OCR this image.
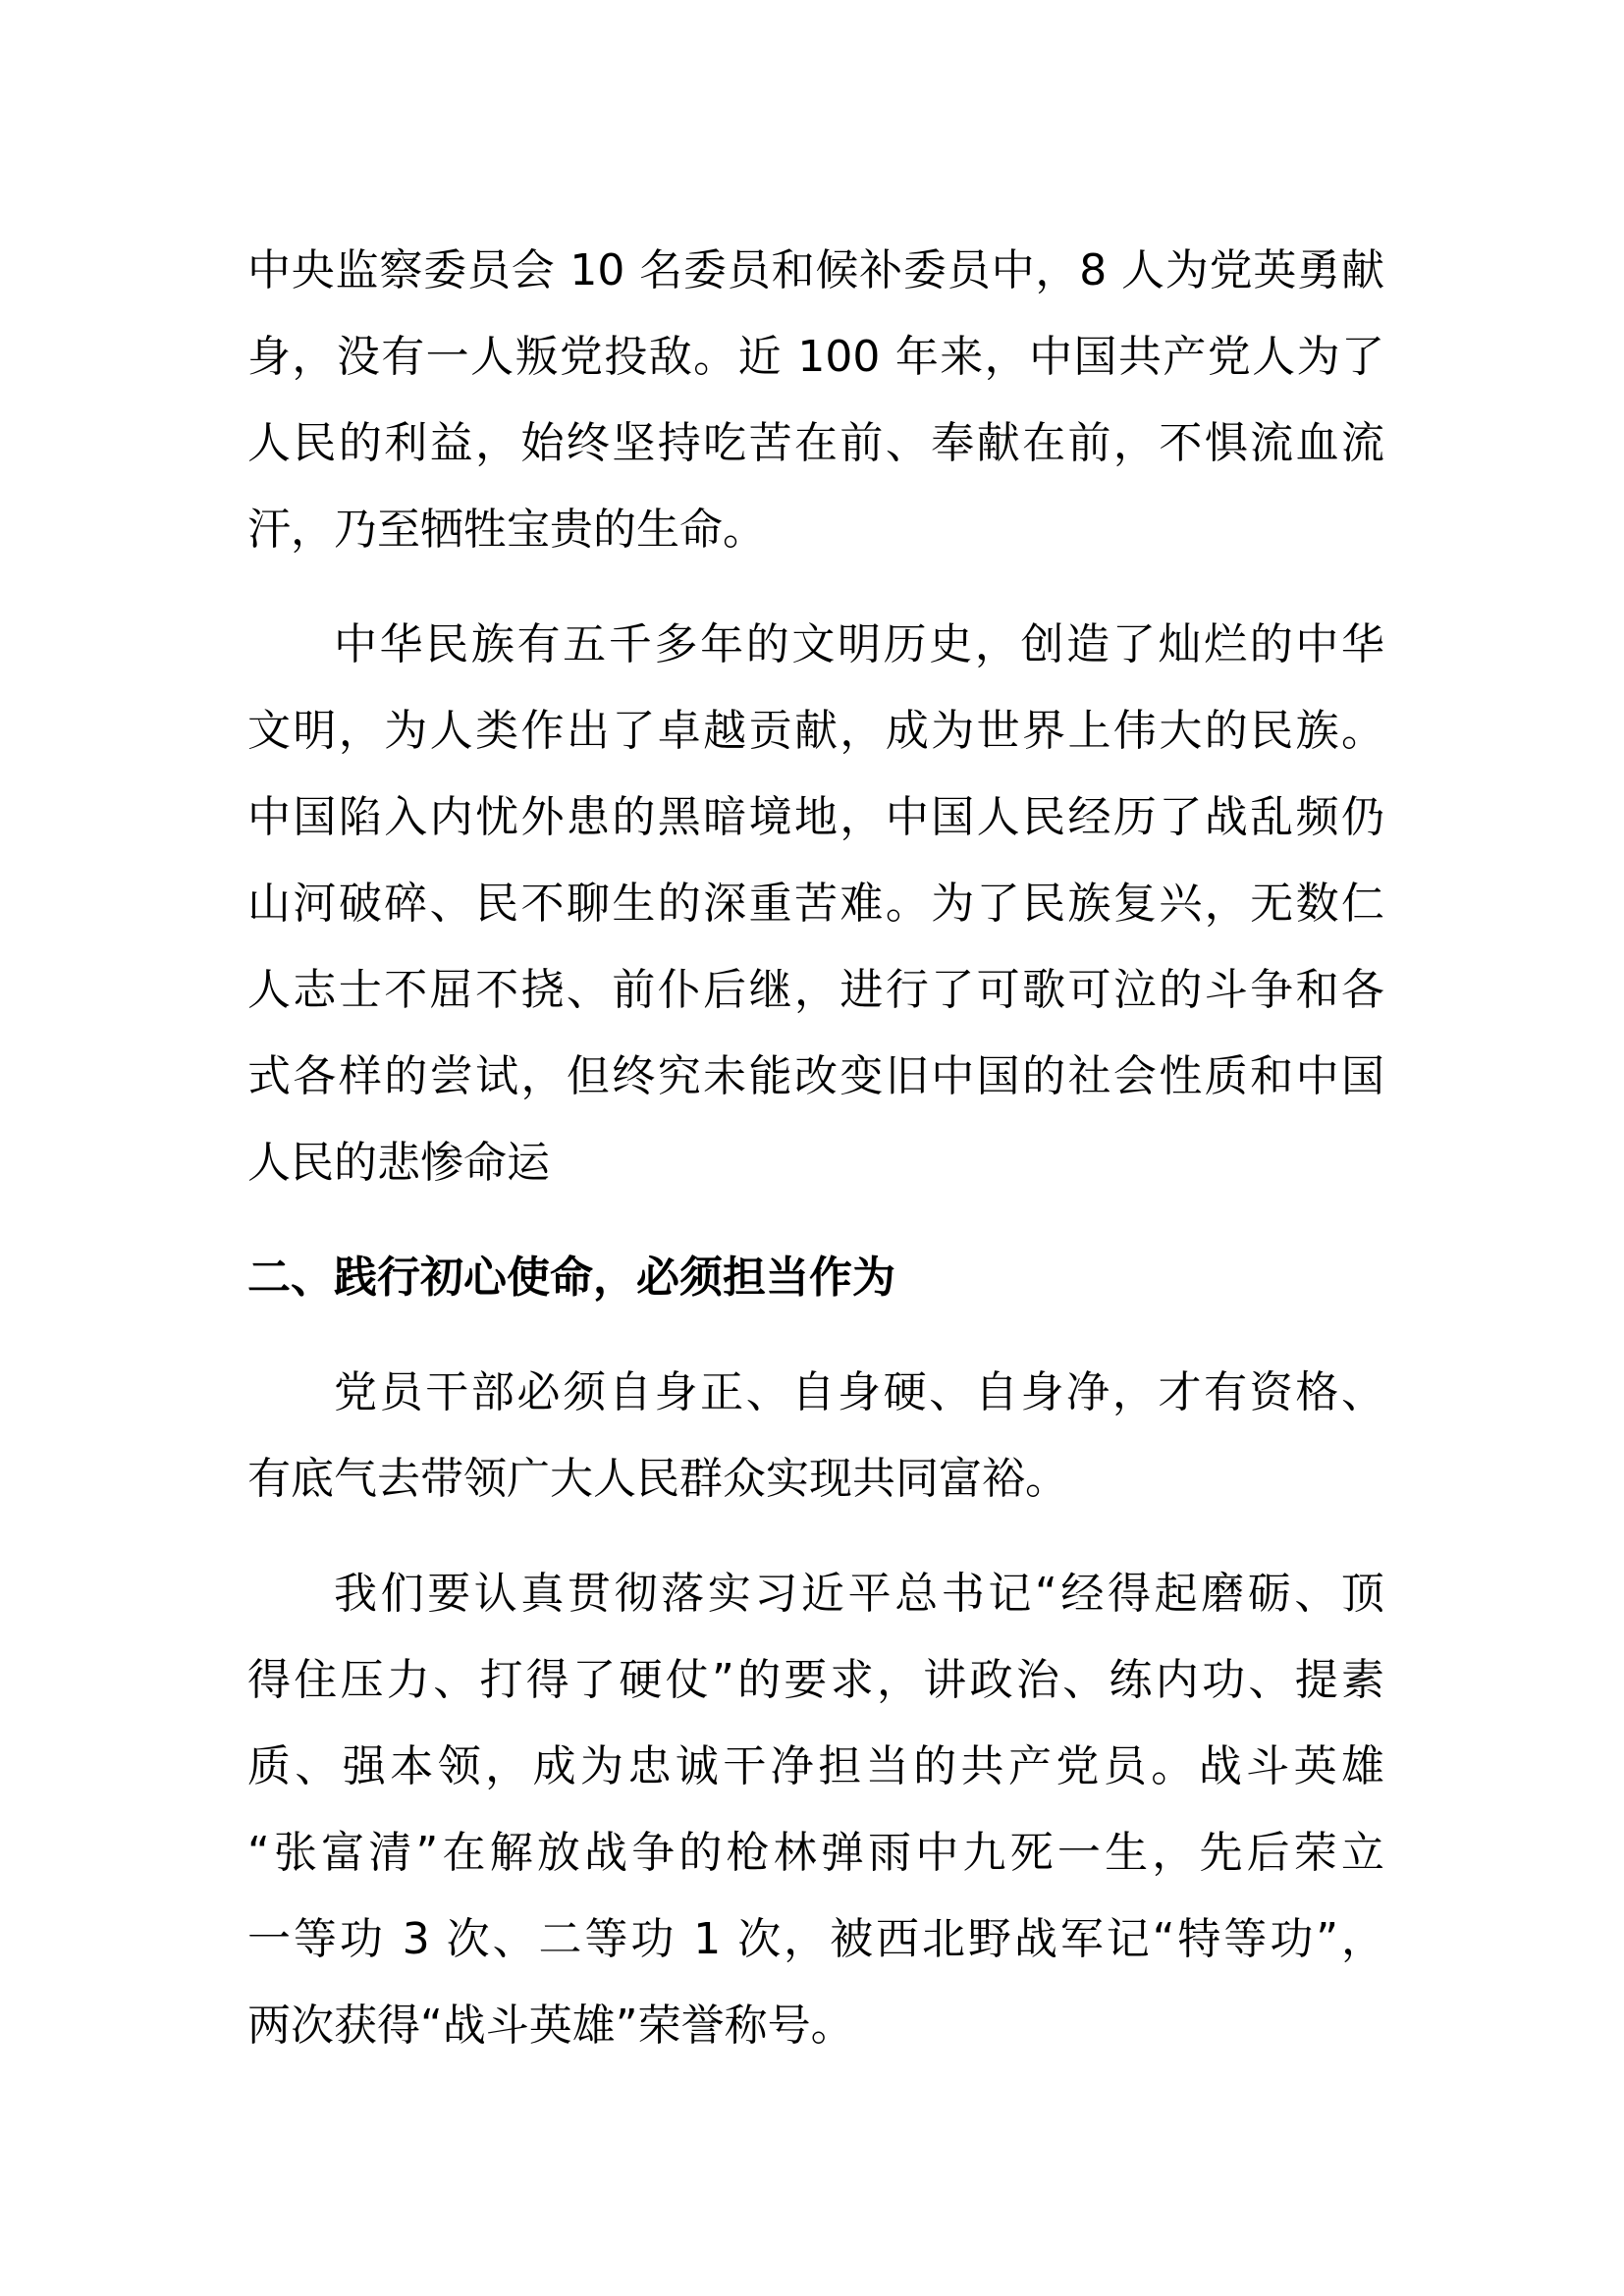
中央监察委员会 10 名委员和候补委员中，8 人为党英勇献
身，没有一人叛党投敌。近 100 年来，中国共产党人为了
人民的利益，始终坚持吃苦在前、奉献在前，不惧流血流
汗，乃至牺牲宝贵的生命。

中华民族有五千多年的文明历史，创造了灿烂的中华
文明，为人类作出了卓越贡献，成为世界上伟大的民族。
中国陷入内忧外患的黑暗境地，中国人民经历了战乱频仍
山河破碎、民不聊生的深重苦难。为了民族复兴，无数仁
人志士不屈不挠、前仆后继，进行了可歌可泣的斗争和各
式各样的尝试，但终究未能改变旧中国的社会性质和中国
人民的悲惨命运

二、践行初心使命，必须担当作为

党员干部必须自身正、自身硬、自身净，才有资格、
有底气去带领广大人民群众实现共同富裕。

我们要认真贯彻落实习近平总书记“经得起磨砺、顶
得住压力、打得了硬仗”的要求，讲政治、练内功、提素
质、强本领，成为忠诚干净担当的共产党员。战斗英雄
“张富清”在解放战争的枪林弹雨中九死一生，先后荣立
一等功 3 次、二等功 1 次，被西北野战军记“特等功”，
两次获得“战斗英雄”荣誉称号。
